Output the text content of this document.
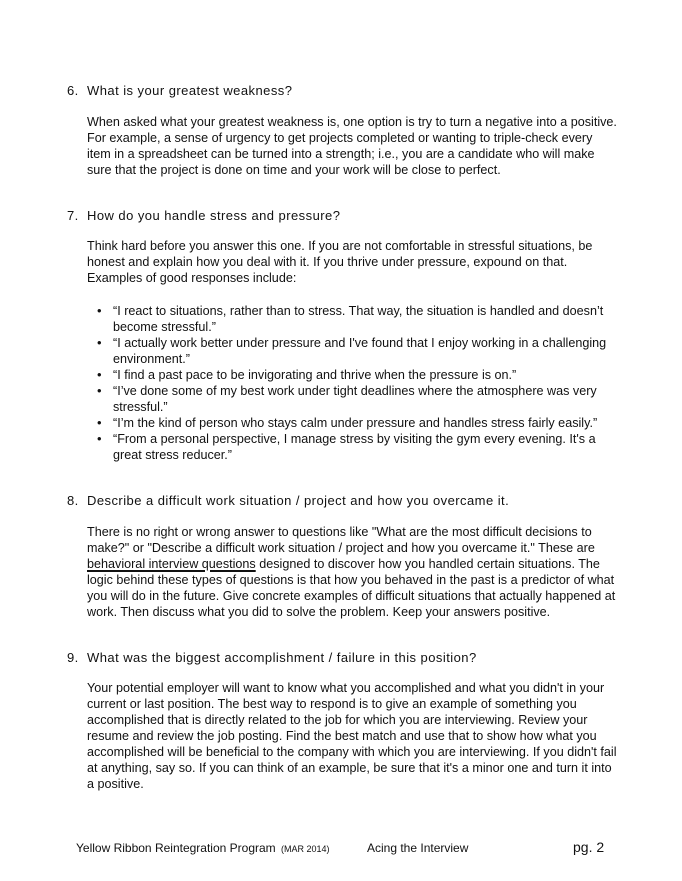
6. What is your greatest weakness?

When asked what your greatest weakness is, one option is try to turn a negative into a positive. For example, a sense of urgency to get projects completed or wanting to triple-check every item in a spreadsheet can be turned into a strength; i.e., you are a candidate who will make sure that the project is done on time and your work will be close to perfect.

7. How do you handle stress and pressure?

Think hard before you answer this one. If you are not comfortable in stressful situations, be honest and explain how you deal with it. If you thrive under pressure, expound on that. Examples of good responses include:

• “I react to situations, rather than to stress. That way, the situation is handled and doesn’t become stressful.”
• “I actually work better under pressure and I've found that I enjoy working in a challenging environment.”
• “I find a past pace to be invigorating and thrive when the pressure is on.”
• “I’ve done some of my best work under tight deadlines where the atmosphere was very stressful.”
• “I’m the kind of person who stays calm under pressure and handles stress fairly easily.”
• “From a personal perspective, I manage stress by visiting the gym every evening. It's a great stress reducer.”
8. Describe a difficult work situation / project and how you overcame it.

There is no right or wrong answer to questions like "What are the most difficult decisions to make?" or "Describe a difficult work situation / project and how you overcame it." These are behavioral interview questions designed to discover how you handled certain situations. The logic behind these types of questions is that how you behaved in the past is a predictor of what you will do in the future. Give concrete examples of difficult situations that actually happened at work. Then discuss what you did to solve the problem. Keep your answers positive.

9. What was the biggest accomplishment / failure in this position?

Your potential employer will want to know what you accomplished and what you didn't in your current or last position. The best way to respond is to give an example of something you accomplished that is directly related to the job for which you are interviewing. Review your resume and review the job posting. Find the best match and use that to show how what you accomplished will be beneficial to the company with which you are interviewing. If you didn't fail at anything, say so. If you can think of an example, be sure that it's a minor one and turn it into a positive.

Yellow Ribbon Reintegration Program (MAR 2014)	Acing the Interview	pg. 2
